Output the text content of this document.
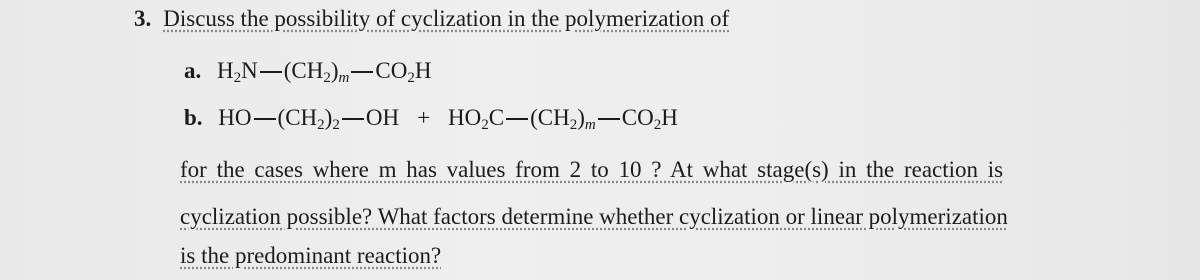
3. Discuss the possibility of cyclization in the polymerization of
a. $H_2N$ $(CH_2)_m$ $CO_2H$
b. HO $(CH_2)_2$ OH + $HO_2C$ $(CH_2)_m$ $CO_2H$
for the cases where m has values from 2 to 10 ? At what stage(s) in the reaction is
cyclization possible? What factors determine whether cyclization or linear polymerization
is the predominant reaction?
